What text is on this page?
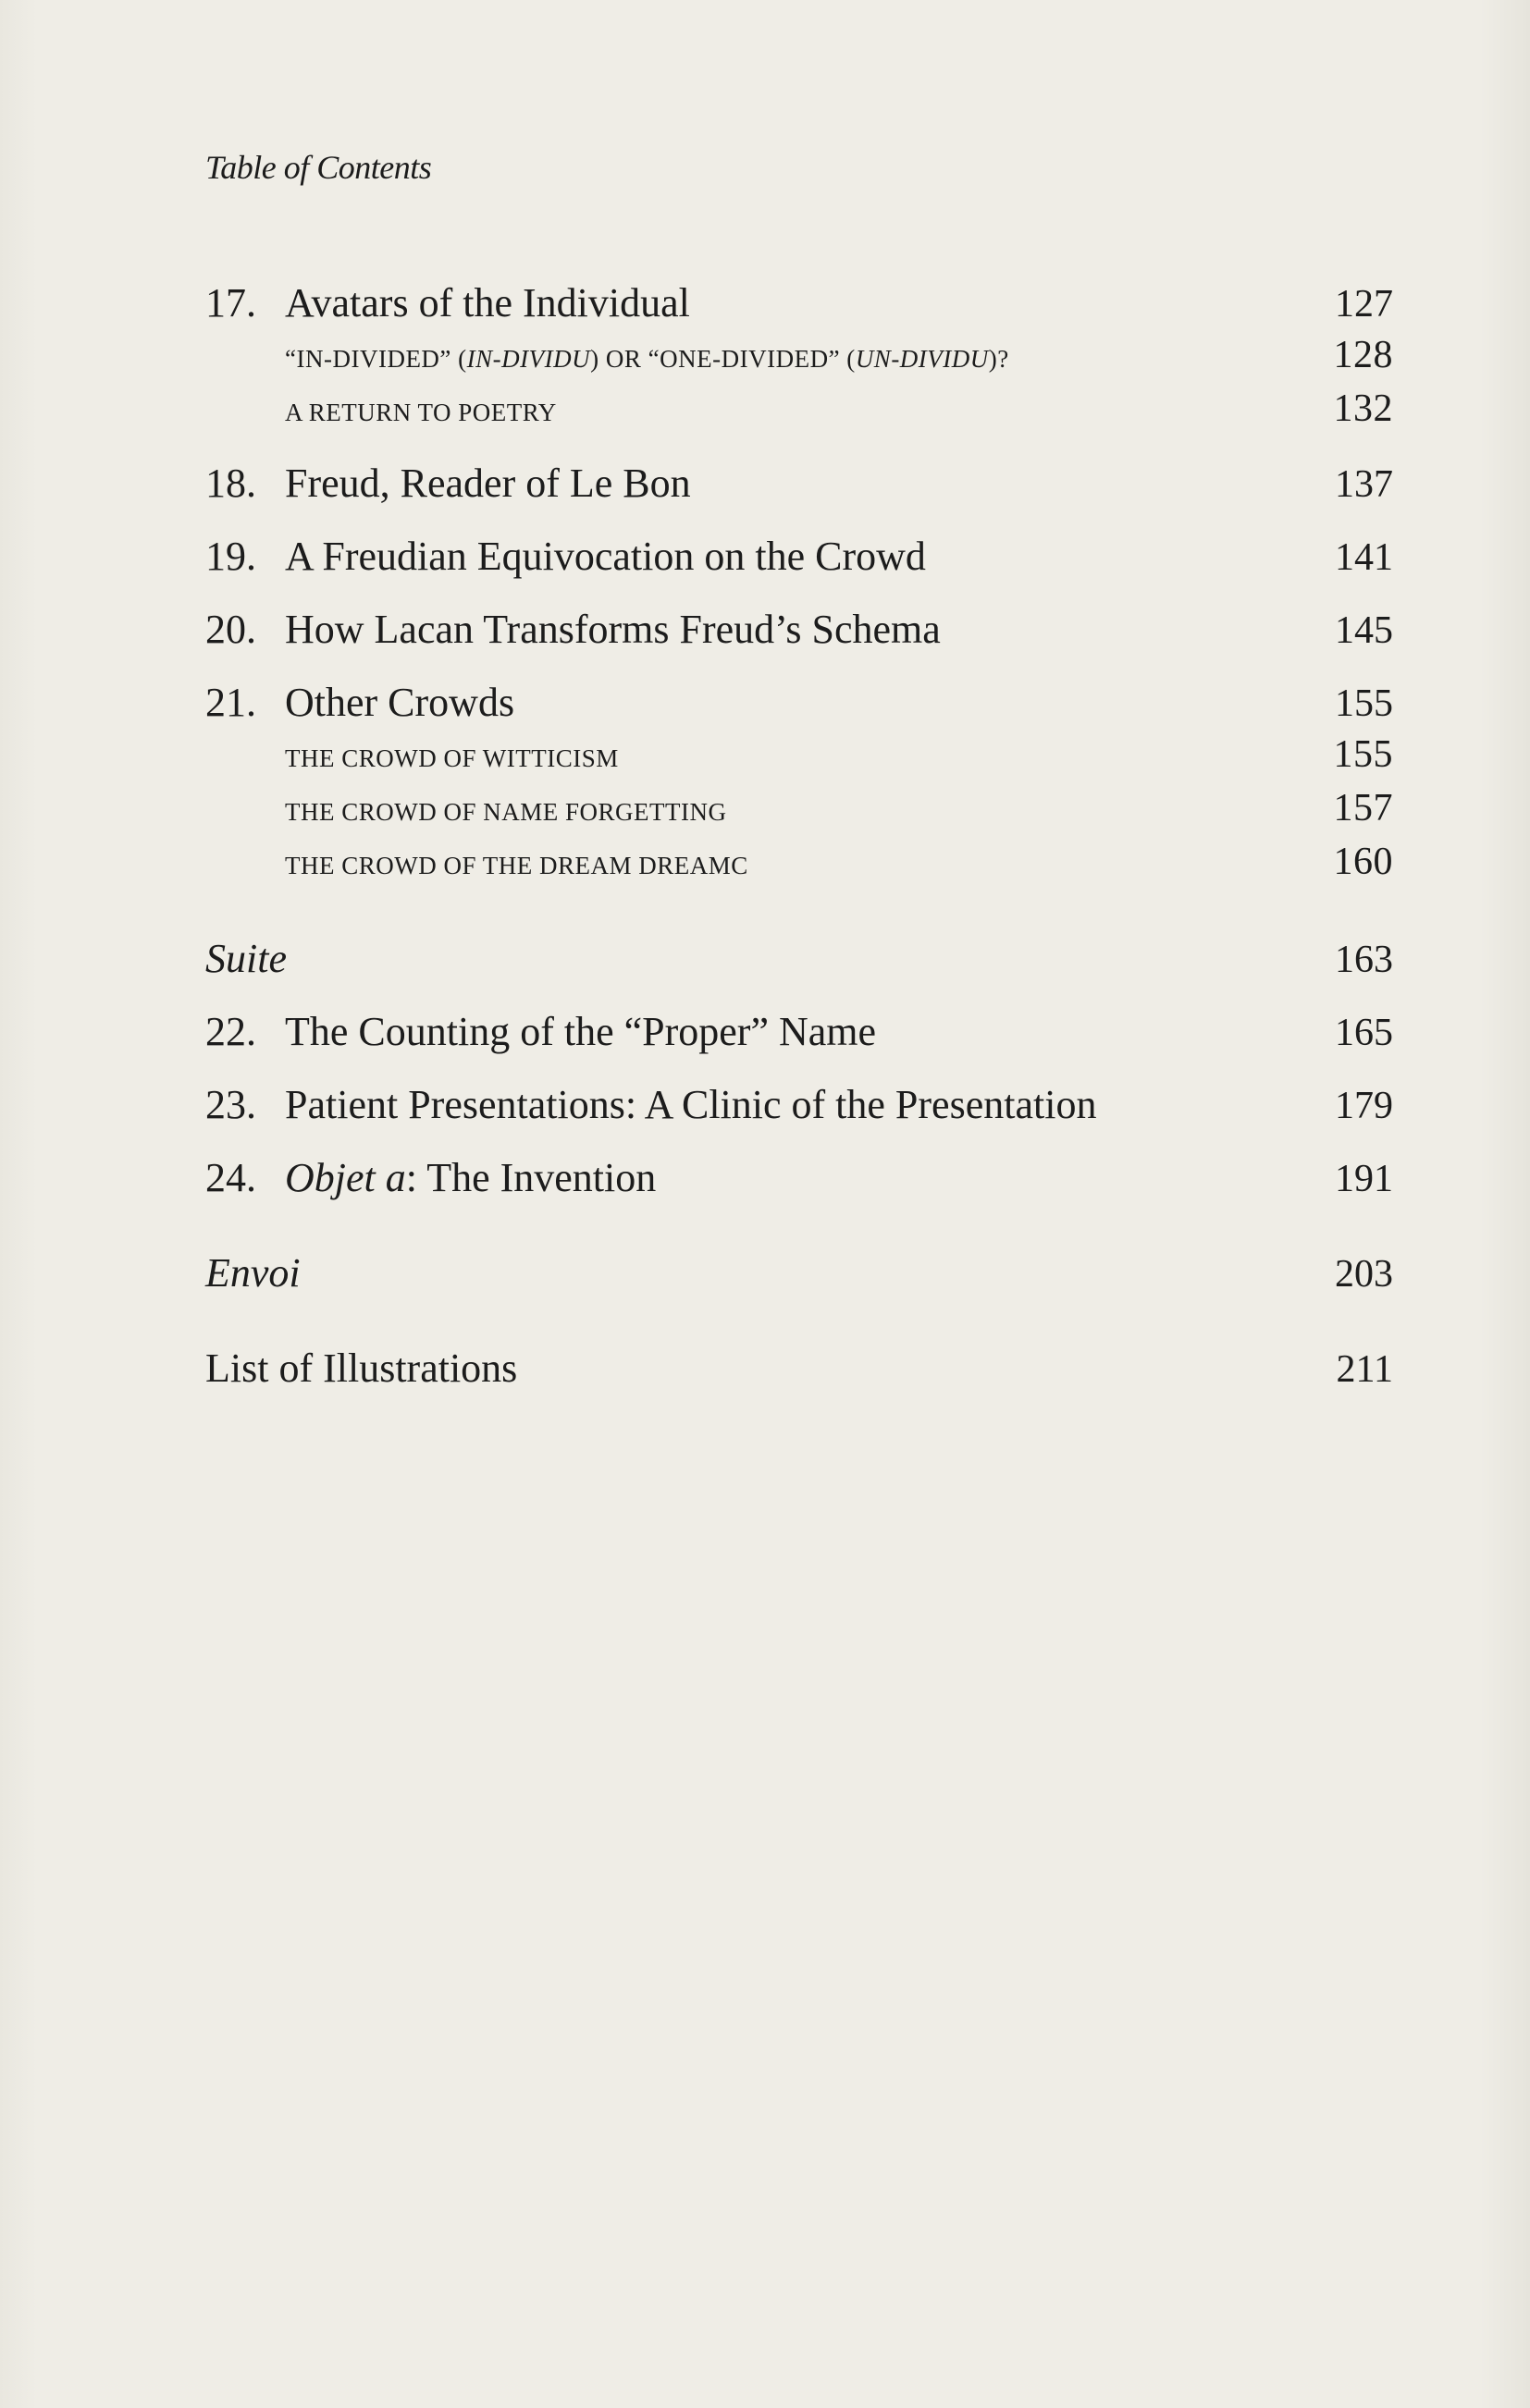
Table of Contents
17. Avatars of the Individual	127
“IN-DIVIDED” (IN-DIVIDU) OR “ONE-DIVIDED” (UN-DIVIDU)?	128
A RETURN TO POETRY	132
18. Freud, Reader of Le Bon	137
19. A Freudian Equivocation on the Crowd	141
20. How Lacan Transforms Freud’s Schema	145
21. Other Crowds	155
THE CROWD OF WITTICISM	155
THE CROWD OF NAME FORGETTING	157
THE CROWD OF THE DREAM DREAMC	160
Suite	163
22. The Counting of the “Proper” Name	165
23. Patient Presentations: A Clinic of the Presentation	179
24. Objet a : The Invention	191
Envoi	203
List of Illustrations	211
